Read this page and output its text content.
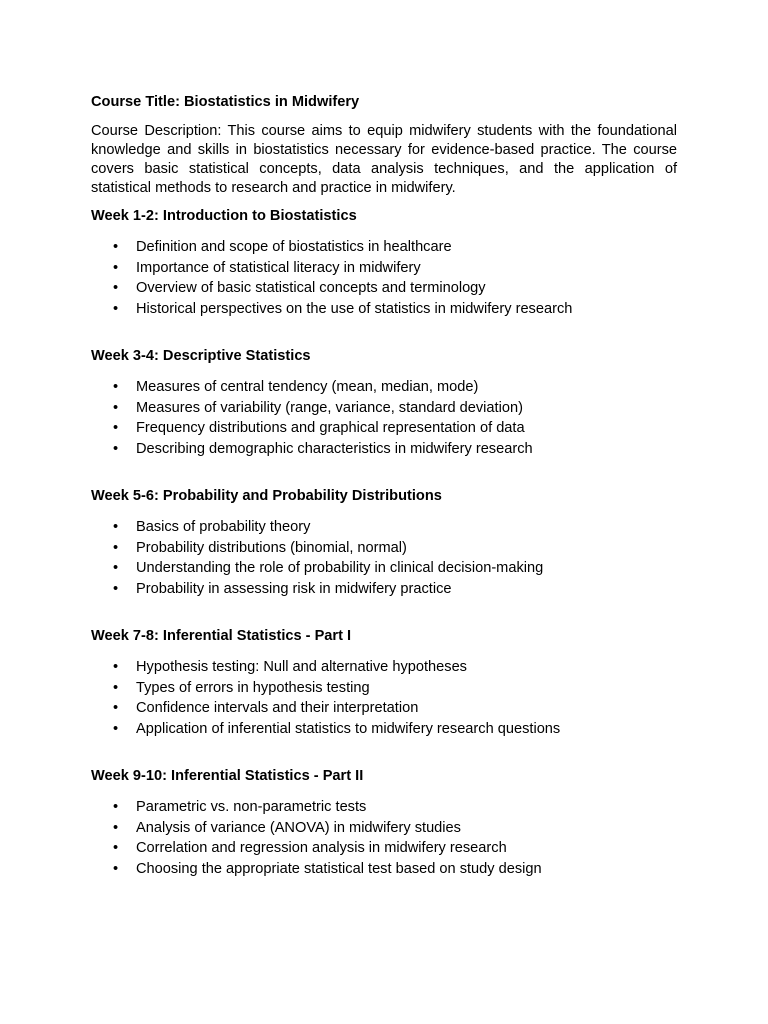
Course Title: Biostatistics in Midwifery
Course Description: This course aims to equip midwifery students with the foundational knowledge and skills in biostatistics necessary for evidence-based practice. The course covers basic statistical concepts, data analysis techniques, and the application of statistical methods to research and practice in midwifery.
Week 1-2: Introduction to Biostatistics
• Definition and scope of biostatistics in healthcare
• Importance of statistical literacy in midwifery
• Overview of basic statistical concepts and terminology
• Historical perspectives on the use of statistics in midwifery research
Week 3-4: Descriptive Statistics
• Measures of central tendency (mean, median, mode)
• Measures of variability (range, variance, standard deviation)
• Frequency distributions and graphical representation of data
• Describing demographic characteristics in midwifery research
Week 5-6: Probability and Probability Distributions
• Basics of probability theory
• Probability distributions (binomial, normal)
• Understanding the role of probability in clinical decision-making
• Probability in assessing risk in midwifery practice
Week 7-8: Inferential Statistics - Part I
• Hypothesis testing: Null and alternative hypotheses
• Types of errors in hypothesis testing
• Confidence intervals and their interpretation
• Application of inferential statistics to midwifery research questions
Week 9-10: Inferential Statistics - Part II
• Parametric vs. non-parametric tests
• Analysis of variance (ANOVA) in midwifery studies
• Correlation and regression analysis in midwifery research
• Choosing the appropriate statistical test based on study design
